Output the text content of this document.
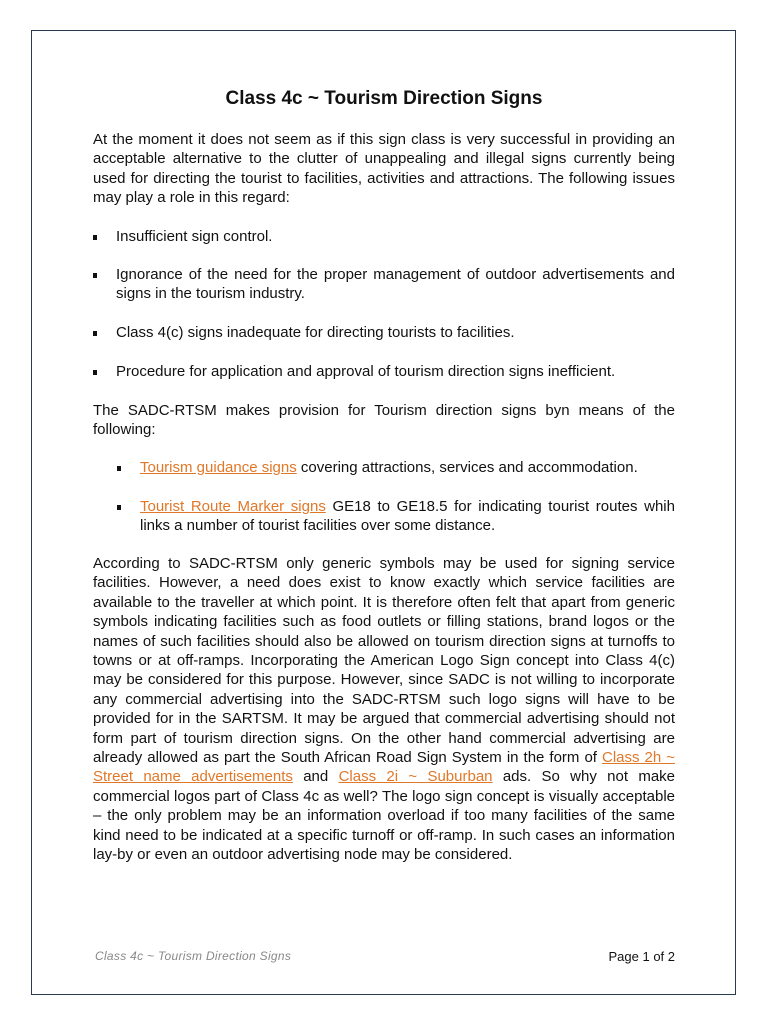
Class 4c ~ Tourism Direction Signs
At the moment it does not seem as if this sign class is very successful in providing an acceptable alternative to the clutter of unappealing and illegal signs currently being used for directing the tourist to facilities, activities and attractions. The following issues may play a role in this regard:
Insufficient sign control.
Ignorance of the need for the proper management of outdoor advertisements and signs in the tourism industry.
Class 4(c) signs inadequate for directing tourists to facilities.
Procedure for application and approval of tourism direction signs inefficient.
The SADC-RTSM makes provision for Tourism direction signs byn means of the following:
Tourism guidance signs covering attractions, services and accommodation.
Tourist Route Marker signs GE18 to GE18.5 for indicating tourist routes whih links a number of tourist facilities over some distance.
According to SADC-RTSM only generic symbols may be used for signing service facilities. However, a need does exist to know exactly which service facilities are available to the traveller at which point. It is therefore often felt that apart from generic symbols indicating facilities such as food outlets or filling stations, brand logos or the names of such facilities should also be allowed on tourism direction signs at turnoffs to towns or at off-ramps. Incorporating the American Logo Sign concept into Class 4(c) may be considered for this purpose. However, since SADC is not willing to incorporate any commercial advertising into the SADC-RTSM such logo signs will have to be provided for in the SARTSM. It may be argued that commercial advertising should not form part of tourism direction signs. On the other hand commercial advertising are already allowed as part the South African Road Sign System in the form of Class 2h ~ Street name advertisements and Class 2i ~ Suburban ads. So why not make commercial logos part of Class 4c as well? The logo sign concept is visually acceptable – the only problem may be an information overload if too many facilities of the same kind need to be indicated at a specific turnoff or off-ramp. In such cases an information lay-by or even an outdoor advertising node may be considered.
Class 4c ~ Tourism Direction Signs	Page 1 of 2
